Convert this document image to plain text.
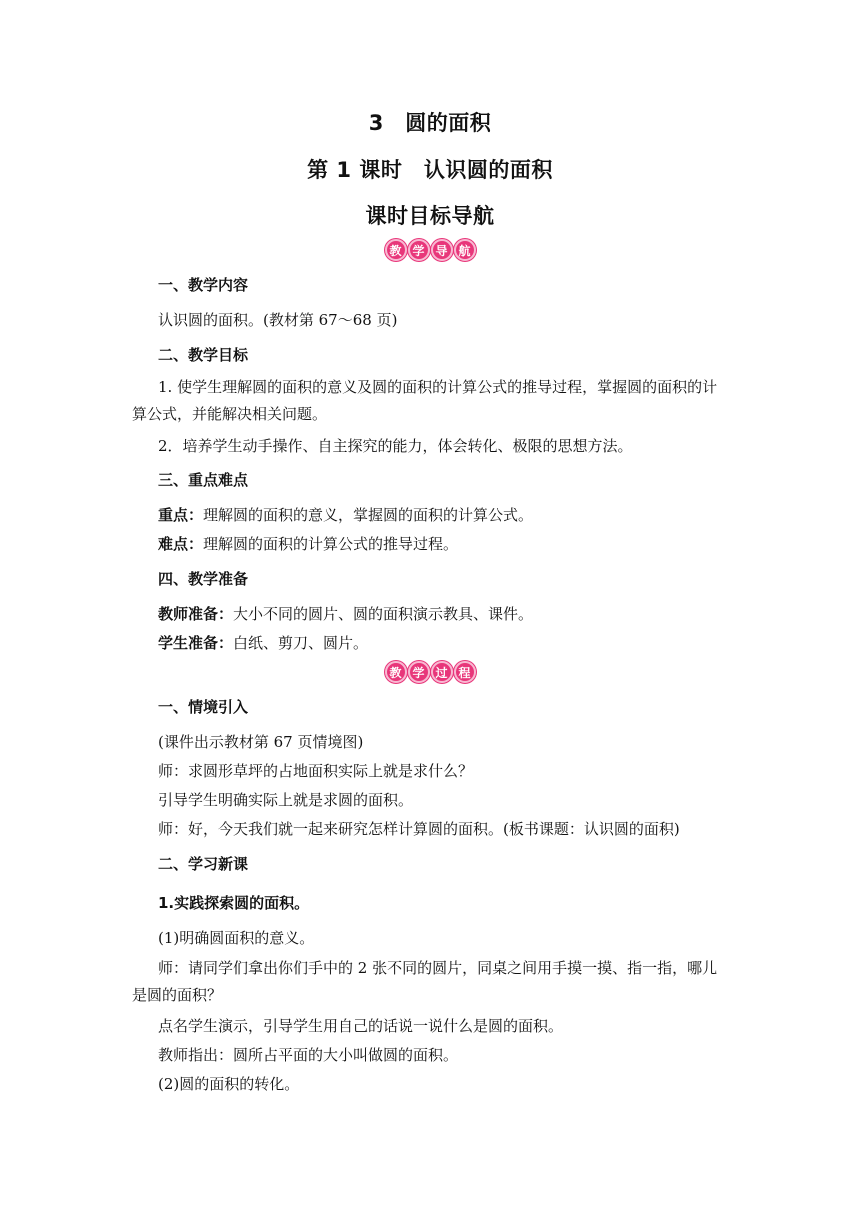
3　圆的面积
第 1 课时　认识圆的面积
课时目标导航
教 学 导 航
一、教学内容
认识圆的面积。(教材第 67～68 页)
二、教学目标
1. 使学生理解圆的面积的意义及圆的面积的计算公式的推导过程，掌握圆的面积的计算公式，并能解决相关问题。
2．培养学生动手操作、自主探究的能力，体会转化、极限的思想方法。
三、重点难点
重点：理解圆的面积的意义，掌握圆的面积的计算公式。
难点：理解圆的面积的计算公式的推导过程。
四、教学准备
教师准备：大小不同的圆片、圆的面积演示教具、课件。
学生准备：白纸、剪刀、圆片。
教 学 过 程
一、情境引入
(课件出示教材第 67 页情境图)
师：求圆形草坪的占地面积实际上就是求什么？
引导学生明确实际上就是求圆的面积。
师：好，今天我们就一起来研究怎样计算圆的面积。(板书课题：认识圆的面积)
二、学习新课
1.实践探索圆的面积。
(1)明确圆面积的意义。
师：请同学们拿出你们手中的 2 张不同的圆片，同桌之间用手摸一摸、指一指，哪儿是圆的面积？
点名学生演示，引导学生用自己的话说一说什么是圆的面积。
教师指出：圆所占平面的大小叫做圆的面积。
(2)圆的面积的转化。
